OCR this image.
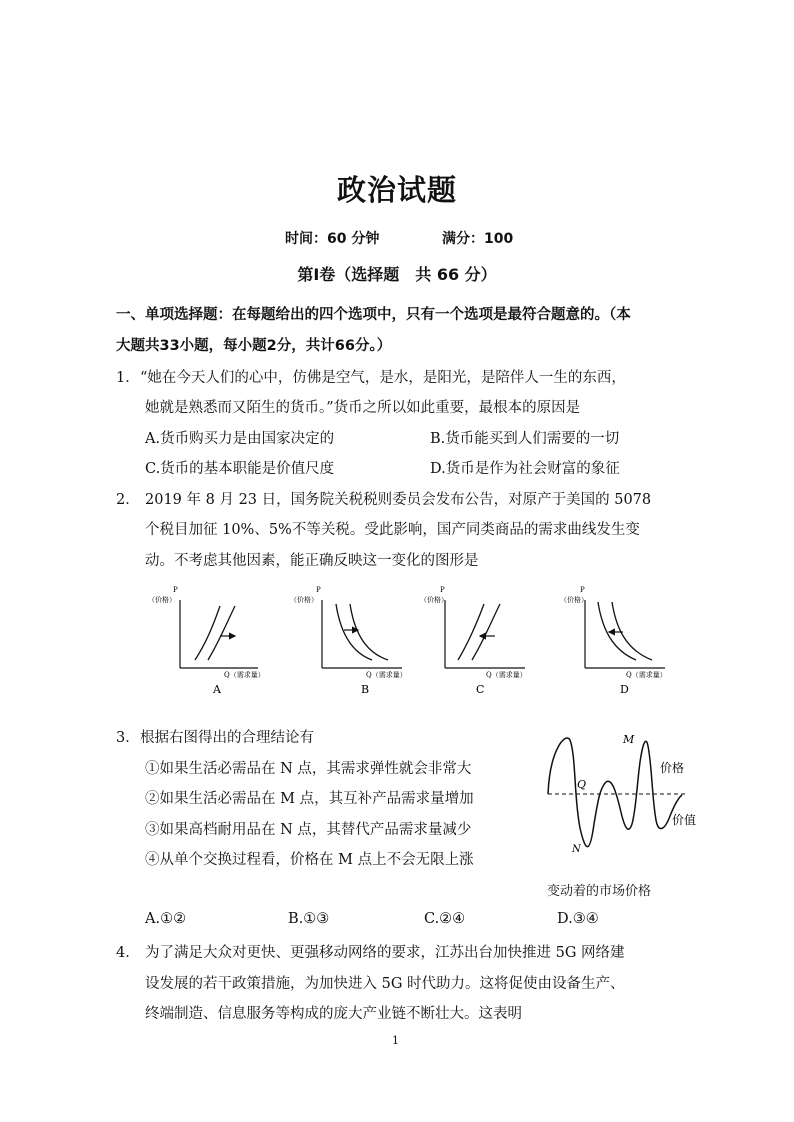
政治试题
时间：60 分钟	满分：100
第Ⅰ卷（选择题　共 66 分）
一、单项选择题：在每题给出的四个选项中，只有一个选项是最符合题意的。（本
大题共33小题，每小题2分，共计66分。）
1． “她在今天人们的心中，仿佛是空气，是水，是阳光，是陪伴人一生的东西，
她就是熟悉而又陌生的货币。”货币之所以如此重要，最根本的原因是
A.货币购买力是由国家决定的	B.货币能买到人们需要的一切
C.货币的基本职能是价值尺度	D.货币是作为社会财富的象征
2． 2019 年 8 月 23 日，国务院关税税则委员会发布公告，对原产于美国的 5078
个税目加征 10%、5%不等关税。受此影响，国产同类商品的需求曲线发生变
动。不考虑其他因素，能正确反映这一变化的图形是
P
（价格）
Q（需求量）
A
P
（价格）
Q（需求量）
B
P
（价格）
Q（需求量）
C
P
（价格）
Q（需求量）
D
3． 根据右图得出的合理结论有
①如果生活必需品在 N 点，其需求弹性就会非常大
②如果生活必需品在 M 点，其互补产品需求量增加
③如果高档耐用品在 N 点，其替代产品需求量减少
④从单个交换过程看，价格在 M 点上不会无限上涨
M
Q
N
价格
价值
变动着的市场价格
A.①②	B.①③	C.②④	D.③④
4． 为了满足大众对更快、更强移动网络的要求，江苏出台加快推进 5G 网络建
设发展的若干政策措施，为加快进入 5G 时代助力。这将促使由设备生产、
终端制造、信息服务等构成的庞大产业链不断壮大。这表明
1
